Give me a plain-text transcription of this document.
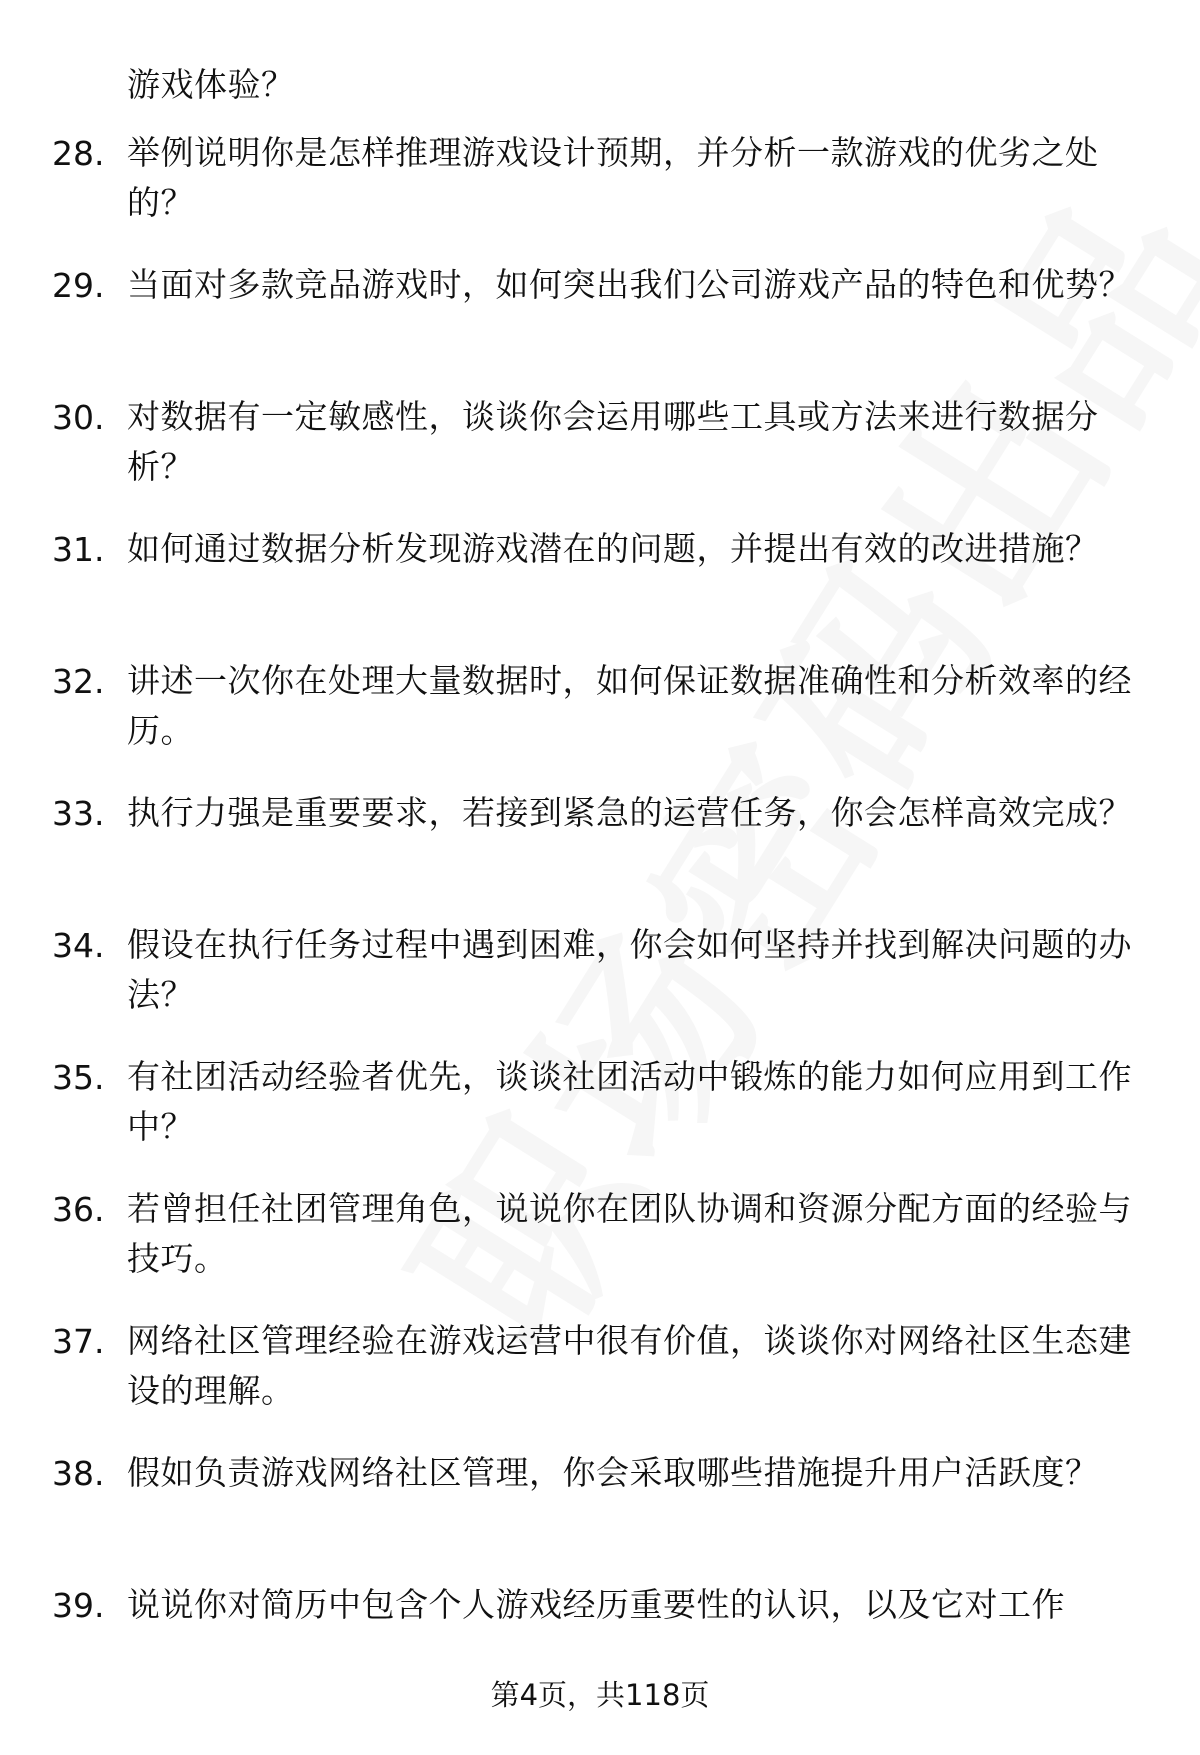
游戏体验？
28. 举例说明你是怎样推理游戏设计预期，并分析一款游戏的优劣之处的？
29. 当面对多款竞品游戏时，如何突出我们公司游戏产品的特色和优势？
30. 对数据有一定敏感性，谈谈你会运用哪些工具或方法来进行数据分析？
31. 如何通过数据分析发现游戏潜在的问题，并提出有效的改进措施？
32. 讲述一次你在处理大量数据时，如何保证数据准确性和分析效率的经历。
33. 执行力强是重要要求，若接到紧急的运营任务，你会怎样高效完成？
34. 假设在执行任务过程中遇到困难，你会如何坚持并找到解决问题的办法？
35. 有社团活动经验者优先，谈谈社团活动中锻炼的能力如何应用到工作中？
36. 若曾担任社团管理角色，说说你在团队协调和资源分配方面的经验与技巧。
37. 网络社区管理经验在游戏运营中很有价值，谈谈你对网络社区生态建设的理解。
38. 假如负责游戏网络社区管理，你会采取哪些措施提升用户活跃度？
39. 说说你对简历中包含个人游戏经历重要性的认识，以及它对工作
第4页，共118页
